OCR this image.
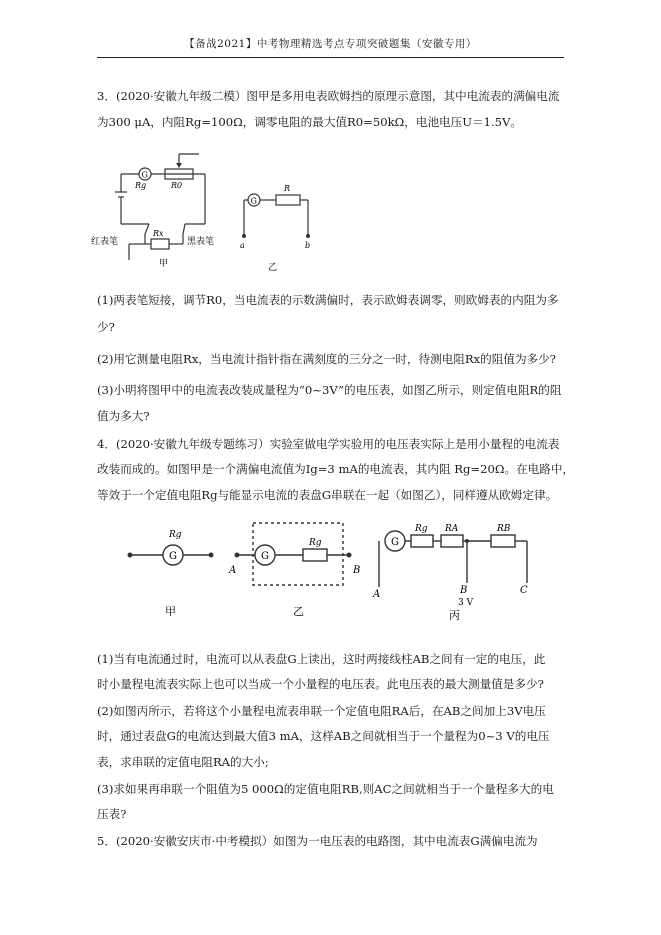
【备战2021】中考物理精选考点专项突破题集（安徽专用）
3．(2020·安徽九年级二模）图甲是多用电表欧姆挡的原理示意图，其中电流表的满偏电流
为300 μA，内阻Rg=100Ω，调零电阻的最大值R0=50kΩ，电池电压U＝1.5V。
G
Rg	R0
红表笔	黑表笔
Rx
甲
G
R
a	b
乙
(1)两表笔短接，调节R0，当电流表的示数满偏时，表示欧姆表调零，则欧姆表的内阻为多
少?
(2)用它测量电阻Rx，当电流计指针指在满刻度的三分之一时，待测电阻Rx的阻值为多少?
(3)小明将图甲中的电流表改装成量程为“0~3V”的电压表，如图乙所示，则定值电阻R的阻
值为多大?
4．(2020·安徽九年级专题练习）实验室做电学实验用的电压表实际上是用小量程的电流表
改装而成的。如图甲是一个满偏电流值为Ig=3 mA的电流表，其内阻 Rg=20Ω。在电路中，
等效于一个定值电阻Rg与能显示电流的表盘G串联在一起（如图乙），同样遵从欧姆定律。
G
Rg
甲
G
Rg
A	B
乙
G
Rg RA	RB
A	B
3 V
C
丙
(1)当有电流通过时，电流可以从表盘G上读出，这时两接线柱AB之间有一定的电压，此
时小量程电流表实际上也可以当成一个小量程的电压表。此电压表的最大测量值是多少?
(2)如图丙所示，若将这个小量程电流表串联一个定值电阻RA后，在AB之间加上3V电压
时，通过表盘G的电流达到最大值3 mA，这样AB之间就相当于一个量程为0~3 V的电压
表，求串联的定值电阻RA的大小;
(3)求如果再串联一个阻值为5 000Ω的定值电阻RB,则AC之间就相当于一个量程多大的电
压表?
5．(2020·安徽安庆市·中考模拟）如图为一电压表的电路图，其中电流表G满偏电流为
